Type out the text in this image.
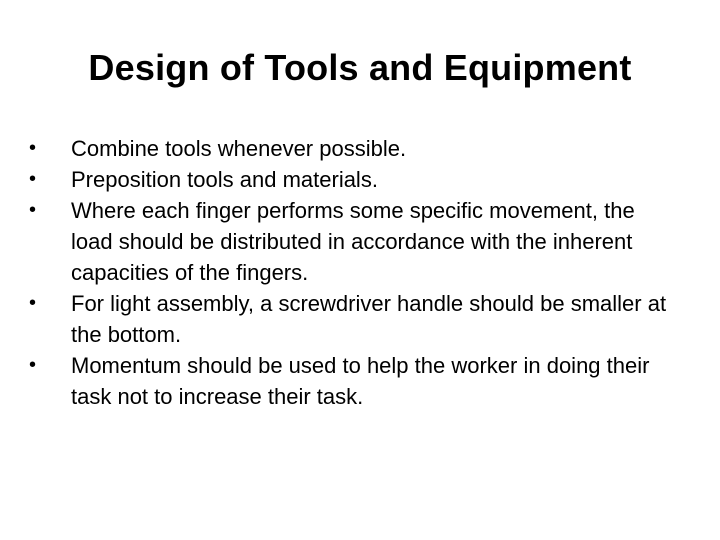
Design of Tools and Equipment
•	Combine tools whenever possible.
•	Preposition tools and materials.
•	Where each finger performs some specific movement, the load should be distributed in accordance with the inherent capacities of the fingers.
•	For light assembly, a screwdriver handle should be smaller at the bottom.
•	Momentum should be used to help the worker in doing their task not to increase their task.
